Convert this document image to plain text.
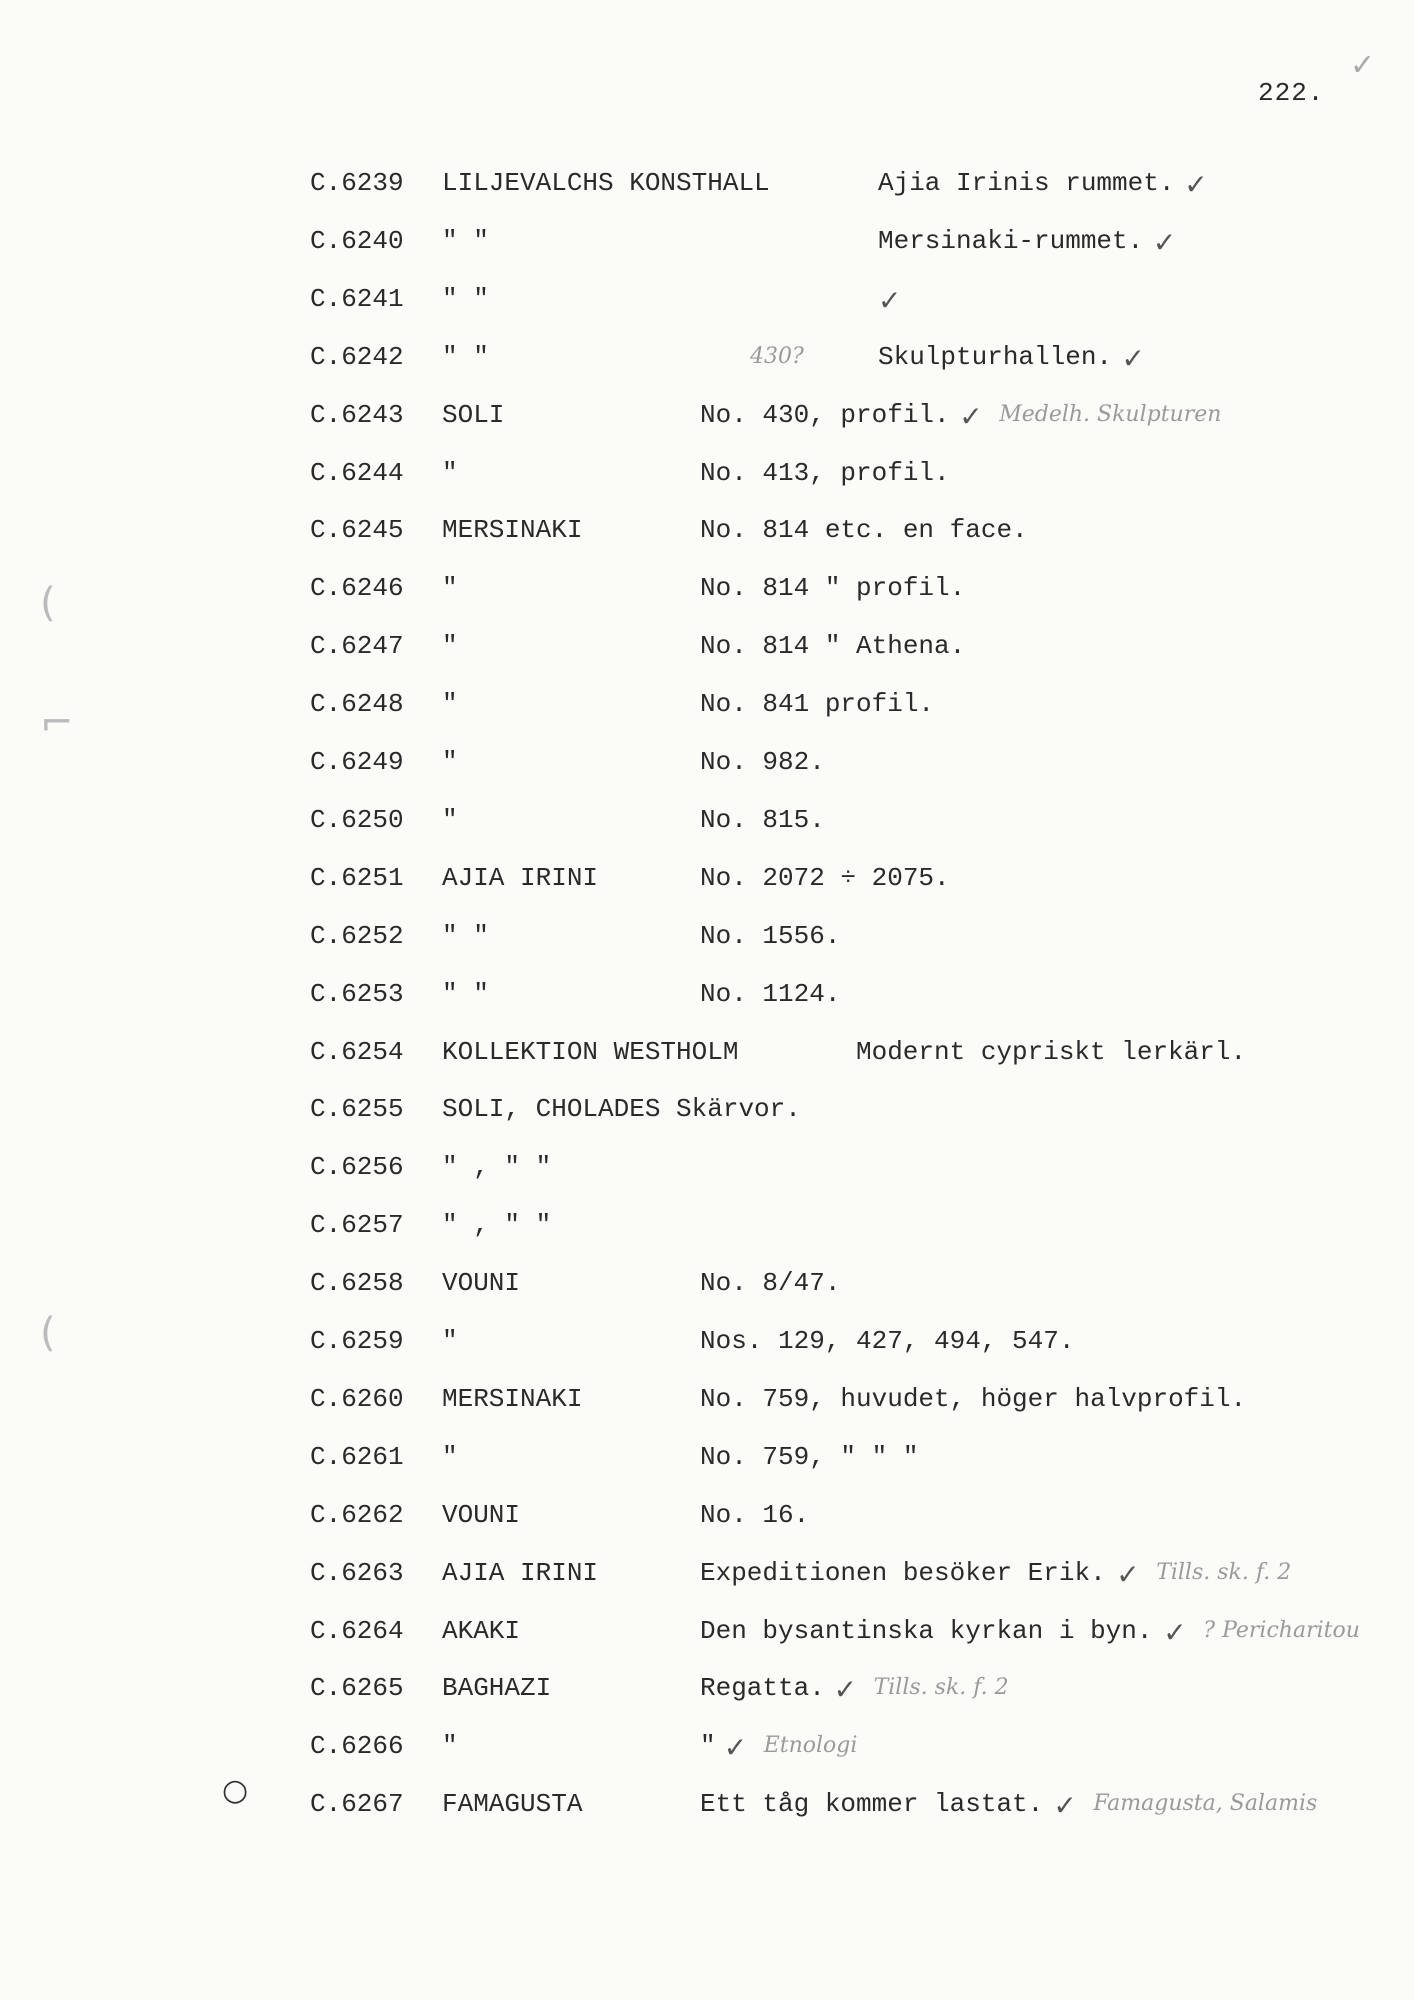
✓
222.
C.6239 LILJEVALCHS KONSTHALL	Ajia Irinis rummet. ✓
C.6240 " "	Mersinaki-rummet. ✓
C.6241 " "	✓
C.6242 " "	Skulpturhallen. ✓
430?
C.6243 SOLI	No. 430, profil. ✓ Medelh. Skulpturen
C.6244 "	No. 413, profil.
C.6245 MERSINAKI	No. 814 etc. en face.
C.6246 "	No. 814 " profil.
C.6247 "	No. 814 " Athena.
C.6248 "	No. 841 profil.
C.6249 "	No. 982.
C.6250 "	No. 815.
C.6251 AJIA IRINI	No. 2072 ÷ 2075.
C.6252 " "	No. 1556.
C.6253 " "	No. 1124.
C.6254 KOLLEKTION WESTHOLM	Modernt cypriskt lerkärl.
C.6255 SOLI, CHOLADES Skärvor.
C.6256 " , " "
C.6257 " , " "
C.6258 VOUNI	No. 8/47.
C.6259 "	Nos. 129, 427, 494, 547.
C.6260 MERSINAKI	No. 759, huvudet, höger halvprofil.
C.6261 "	No. 759, " " "
C.6262 VOUNI	No. 16.
C.6263 AJIA IRINI	Expeditionen besöker Erik. ✓ Tills. sk. f. 2
C.6264 AKAKI	Den bysantinska kyrkan i byn. ✓ ? Pericharitou
C.6265 BAGHAZI	Regatta. ✓ Tills. sk. f. 2
C.6266 "	" ✓ Etnologi
C.6267 FAMAGUSTA	Ett tåg kommer lastat. ✓ Famagusta, Salamis
(
⌐
(
○
